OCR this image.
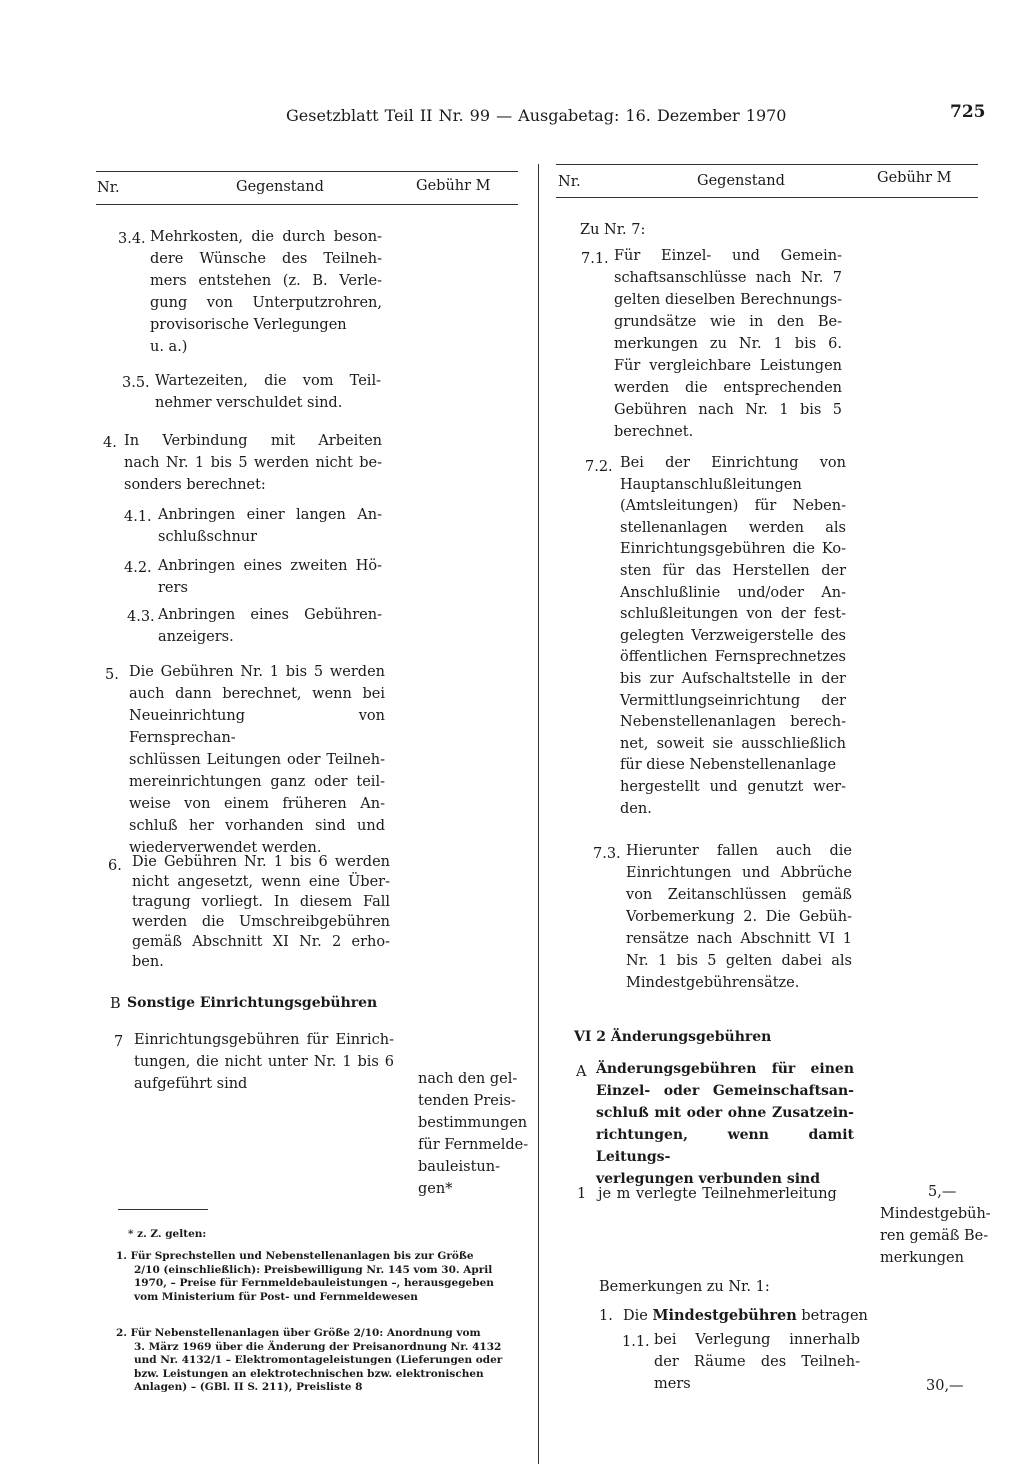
Gesetzblatt Teil II Nr. 99 — Ausgabetag: 16. Dezember 1970	725
Nr.	Gegenstand	Gebühr M	Nr.	Gegenstand	Gebühr M
3.4. Mehrkosten, die durch beson-
dere Wünsche des Teilneh-
mers entstehen (z. B. Verle-
gung von Unterputzrohren,
provisorische Verlegungen
u. a.)
3.5. Wartezeiten, die vom Teil-
nehmer verschuldet sind.
4. In Verbindung mit Arbeiten
nach Nr. 1 bis 5 werden nicht be-
sonders berechnet:
4.1. Anbringen einer langen An-
schlußschnur
4.2. Anbringen eines zweiten Hö-
rers
4.3. Anbringen eines Gebühren-
anzeigers.
5. Die Gebühren Nr. 1 bis 5 werden
auch dann berechnet, wenn bei
Neueinrichtung von Fernsprechan-
schlüssen Leitungen oder Teilneh-
mereinrichtungen ganz oder teil-
weise von einem früheren An-
schluß her vorhanden sind und
wiederverwendet werden.
6. Die Gebühren Nr. 1 bis 6 werden
nicht angesetzt, wenn eine Über-
tragung vorliegt. In diesem Fall
werden die Umschreibgebühren
gemäß Abschnitt XI Nr. 2 erho-
ben.
B Sonstige Einrichtungsgebühren
7 Einrichtungsgebühren für Einrich-
tungen, die nicht unter Nr. 1 bis 6
aufgeführt sind	nach den gel-
tenden Preis-
bestimmungen
für Fernmelde-
bauleistun-
gen*
* z. Z. gelten:
1. Für Sprechstellen und Nebenstellenanlagen bis zur Größe
2/10 (einschließlich): Preisbewilligung Nr. 145 vom 30. April
1970, – Preise für Fernmeldebauleistungen –, herausgegeben
vom Ministerium für Post- und Fernmeldewesen
2. Für Nebenstellenanlagen über Größe 2/10: Anordnung vom
3. März 1969 über die Änderung der Preisanordnung Nr. 4132
und Nr. 4132/1 – Elektromontageleistungen (Lieferungen oder
bzw. Leistungen an elektrotechnischen bzw. elektronischen
Anlagen) – (GBl. II S. 211), Preisliste 8
Zu Nr. 7:
7.1. Für Einzel- und Gemein-
schaftsanschlüsse nach Nr. 7
gelten dieselben Berechnungs-
grundsätze wie in den Be-
merkungen zu Nr. 1 bis 6.
Für vergleichbare Leistungen
werden die entsprechenden
Gebühren nach Nr. 1 bis 5
berechnet.
7.2. Bei der Einrichtung von
Hauptanschlußleitungen
(Amtsleitungen) für Neben-
stellenanlagen werden als
Einrichtungsgebühren die Ko-
sten für das Herstellen der
Anschlußlinie und/oder An-
schlußleitungen von der fest-
gelegten Verzweigerstelle des
öffentlichen Fernsprechnetzes
bis zur Aufschaltstelle in der
Vermittlungseinrichtung der
Nebenstellenanlagen berech-
net, soweit sie ausschließlich
für diese Nebenstellenanlage
hergestellt und genutzt wer-
den.
7.3. Hierunter fallen auch die
Einrichtungen und Abbrüche
von Zeitanschlüssen gemäß
Vorbemerkung 2. Die Gebüh-
rensätze nach Abschnitt VI 1
Nr. 1 bis 5 gelten dabei als
Mindestgebührensätze.
VI 2 Änderungsgebühren
A Änderungsgebühren für einen
Einzel- oder Gemeinschaftsan-
schluß mit oder ohne Zusatzein-
richtungen, wenn damit Leitungs-
verlegungen verbunden sind
1 je m verlegte Teilnehmerleitung	5,—
Mindestgebüh-
ren gemäß Be-
merkungen
Bemerkungen zu Nr. 1:
1. Die Mindestgebühren betragen
1.1. bei Verlegung innerhalb
der Räume des Teilneh-
mers	30,—
